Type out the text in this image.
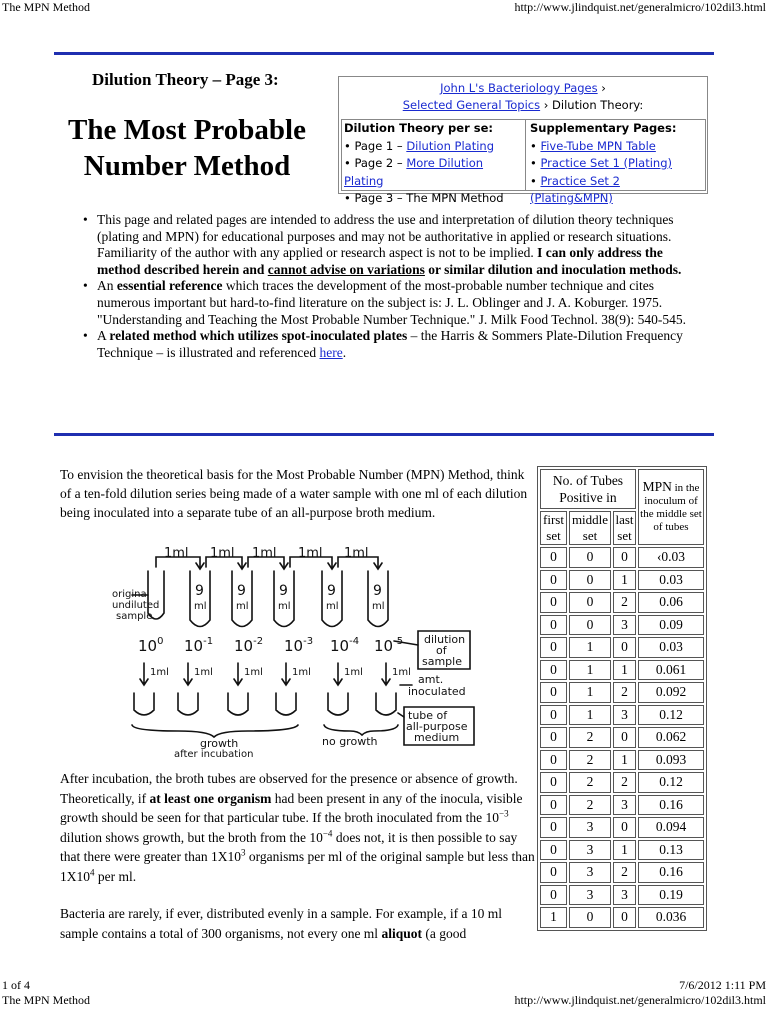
The MPN Method	http://www.jlindquist.net/generalmicro/102dil3.html
Dilution Theory – Page 3:
The Most Probable Number Method
John L's Bacteriology Pages ›
Selected General Topics › Dilution Theory:
Dilution Theory per se:
• Page 1 – Dilution Plating
• Page 2 – More Dilution Plating
• Page 3 – The MPN Method
Supplementary Pages:
• Five-Tube MPN Table
• Practice Set 1 (Plating)
• Practice Set 2 (Plating&MPN)
• This page and related pages are intended to address the use and interpretation of dilution theory techniques (plating and MPN) for educational purposes and may not be authoritative in applied or research situations. Familiarity of the author with any applied or research aspect is not to be implied. I can only address the method described herein and cannot advise on variations or similar dilution and inoculation methods.
• An essential reference which traces the development of the most-probable number technique and cites numerous important but hard-to-find literature on the subject is: J. L. Oblinger and J. A. Koburger. 1975. "Understanding and Teaching the Most Probable Number Technique." J. Milk Food Technol. 38(9): 540-545.
• A related method which utilizes spot-inoculated plates – the Harris & Sommers Plate-Dilution Frequency Technique – is illustrated and referenced here.
To envision the theoretical basis for the Most Probable Number (MPN) Method, think of a ten-fold dilution series being made of a water sample with one ml of each dilution being inoculated into a separate tube of an all-purpose broth medium.
1ml 1ml 1ml 1ml 1ml
9 9 9	9	9
ml	ml	ml	ml	ml
original
undiluted
sample
$10^0$ $10^{-1}$ $10^{-2}$ $10^{-3}$ $10^{-4}$ $10^{-5}$
1ml	1ml	1ml	1ml	1ml	1ml
dilution
of
sample
amt.
inoculated
tube of
all-purpose
medium
growth
after incubation
no growth
After incubation, the broth tubes are observed for the presence or absence of growth. Theoretically, if at least one organism had been present in any of the inocula, visible growth should be seen for that particular tube. If the broth inoculated from the $10^{-3}$ dilution shows growth, but the broth from the $10^{-4}$ does not, it is then possible to say that there were greater than $1X10^3$ organisms per ml of the original sample but less than $1X10^4$ per ml.
Bacteria are rarely, if ever, distributed evenly in a sample. For example, if a 10 ml sample contains a total of 300 organisms, not every one ml aliquot (a good
No. of Tubes Positive in			MPN in the inoculum of the middle set of tubes
first set	middle set	last set	
0	0	0	‹0.03
0	0	1	0.03
0	0	2	0.06
0	0	3	0.09
0	1	0	0.03
0	1	1	0.061
0	1	2	0.092
0	1	3	0.12
0	2	0	0.062
0	2	1	0.093
0	2	2	0.12
0	2	3	0.16
0	3	0	0.094
0	3	1	0.13
0	3	2	0.16
0	3	3	0.19
1	0	0	0.036
1 of 4	7/6/2012 1:11 PM
The MPN Method	http://www.jlindquist.net/generalmicro/102dil3.html
